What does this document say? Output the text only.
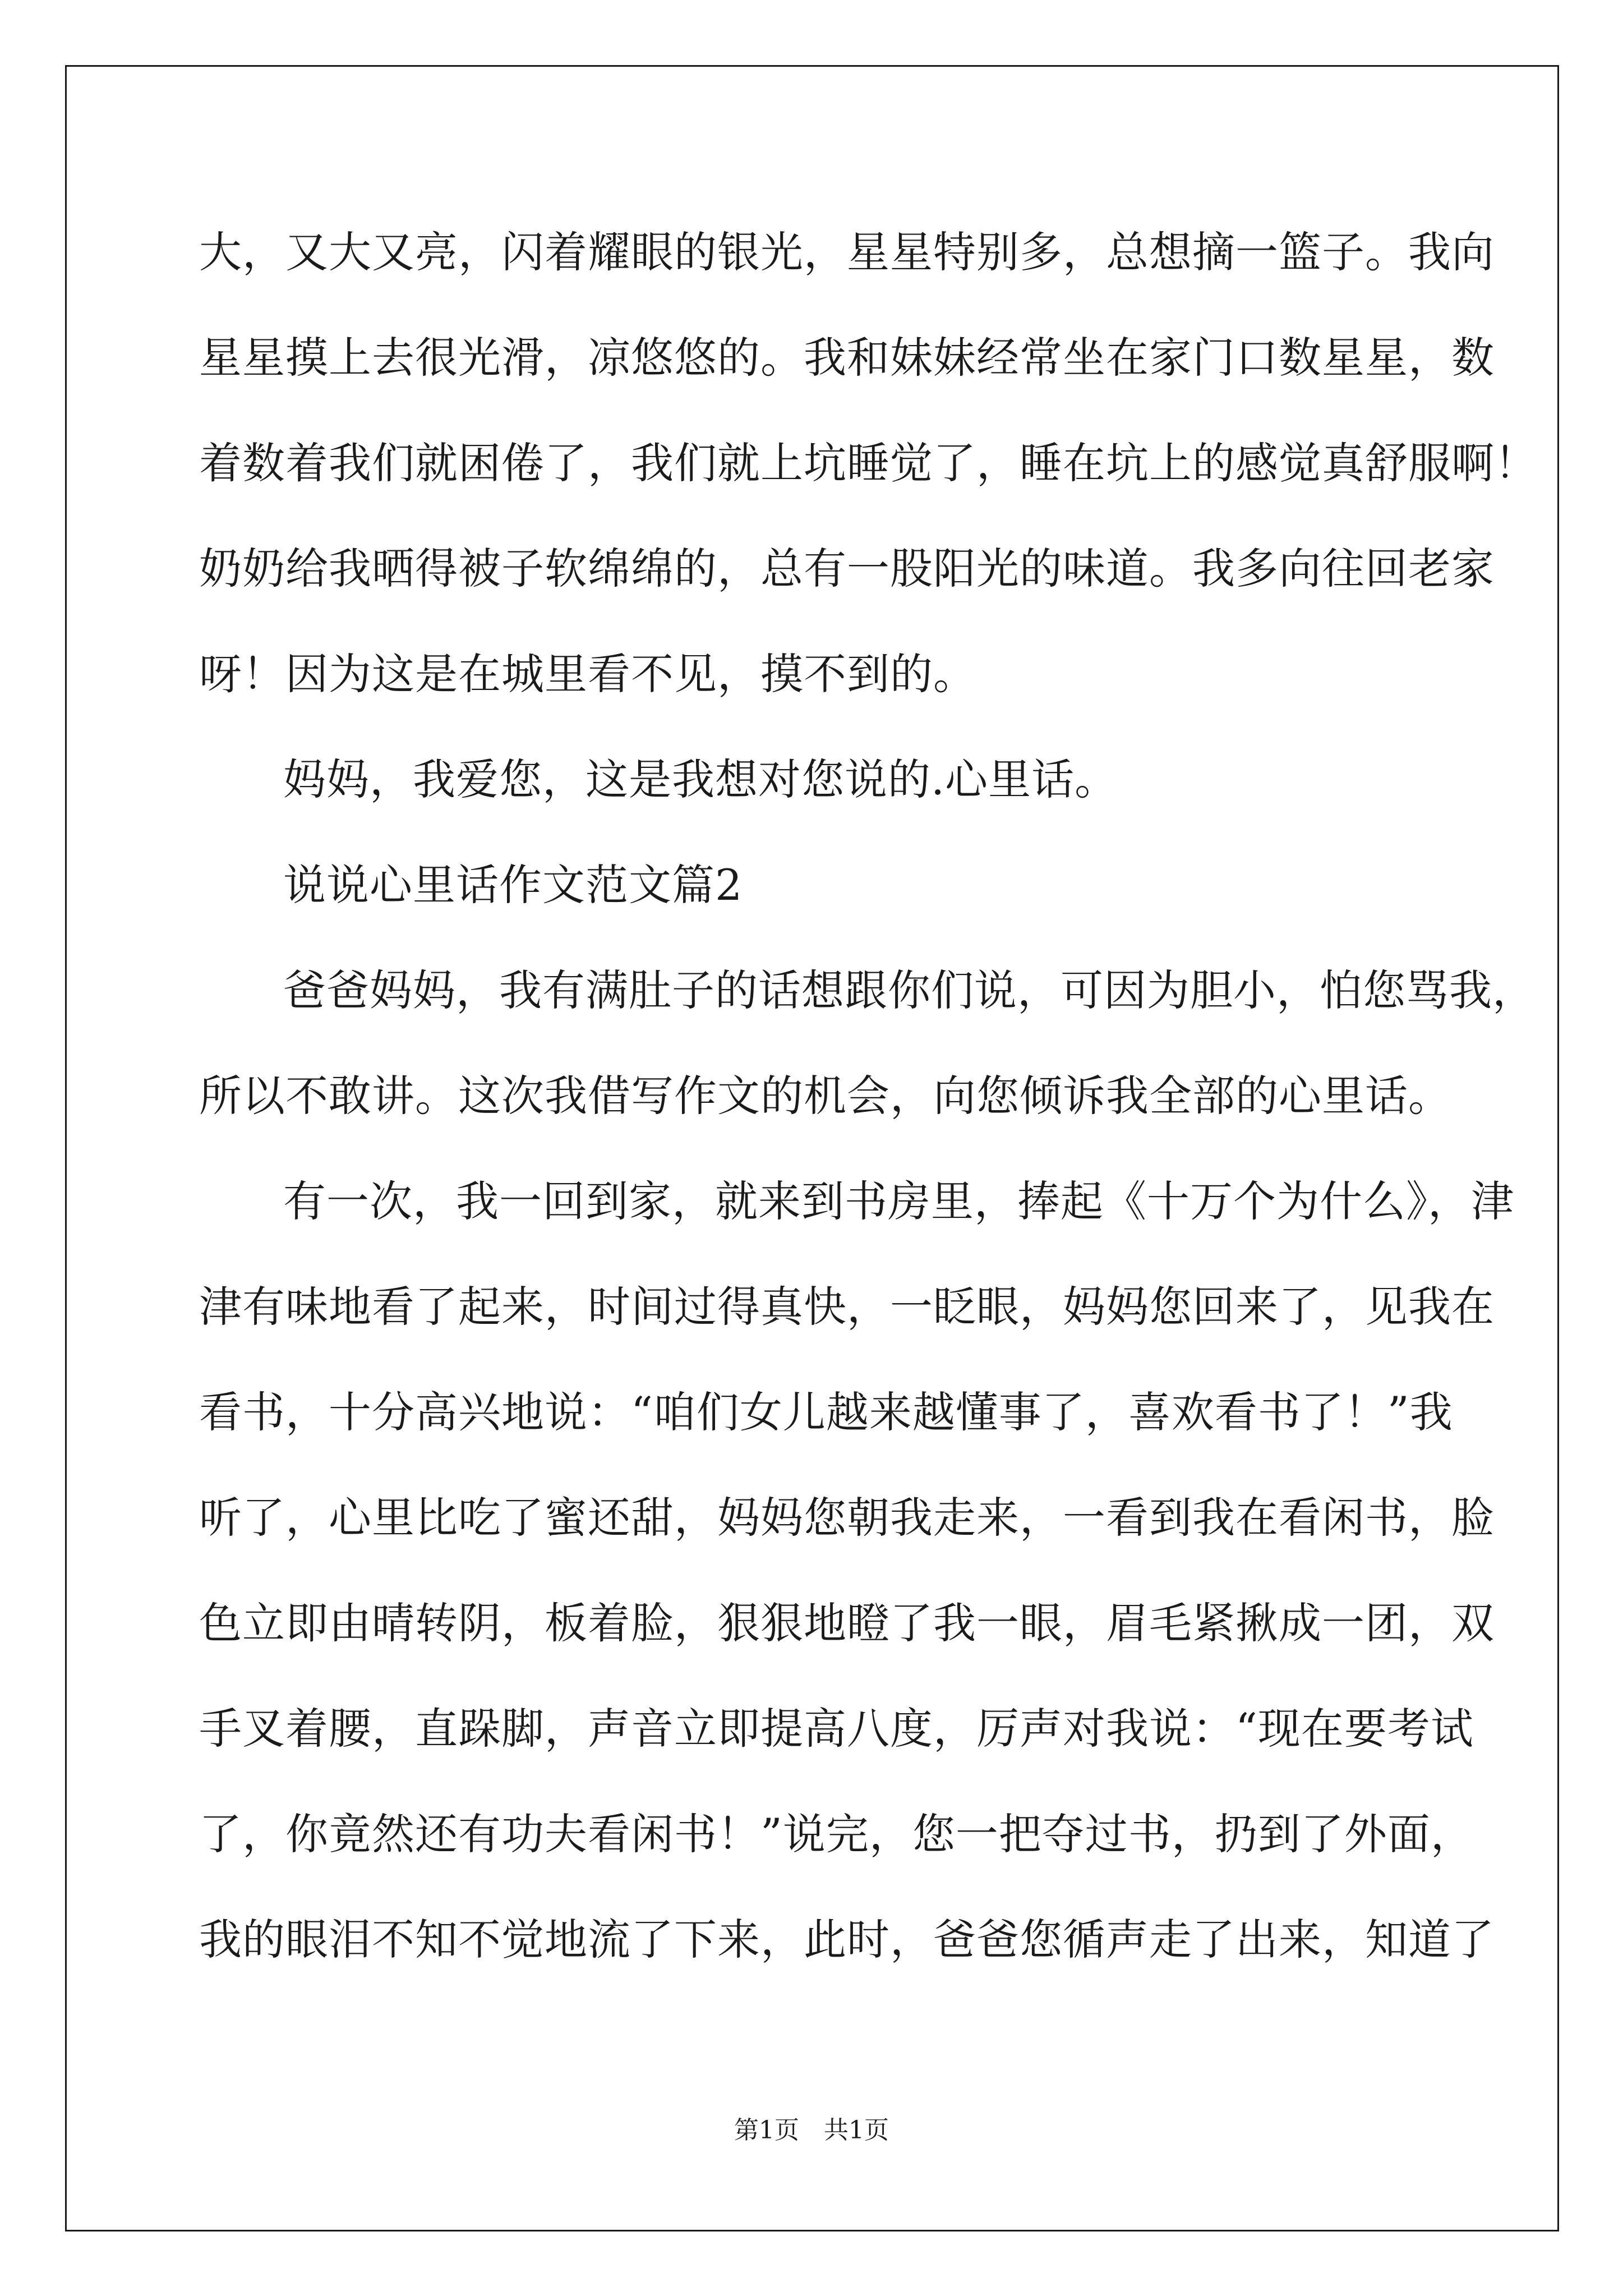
大，又大又亮，闪着耀眼的银光，星星特别多，总想摘一篮子。我向
星星摸上去很光滑，凉悠悠的。我和妹妹经常坐在家门口数星星，数
着数着我们就困倦了，我们就上坑睡觉了，睡在坑上的感觉真舒服啊！
奶奶给我晒得被子软绵绵的，总有一股阳光的味道。我多向往回老家
呀！因为这是在城里看不见，摸不到的。
妈妈，我爱您，这是我想对您说的.心里话。
说说心里话作文范文篇2
爸爸妈妈，我有满肚子的话想跟你们说，可因为胆小，怕您骂我，
所以不敢讲。这次我借写作文的机会，向您倾诉我全部的心里话。
有一次，我一回到家，就来到书房里，捧起《十万个为什么》，津
津有味地看了起来，时间过得真快，一眨眼，妈妈您回来了，见我在
看书，十分高兴地说：“咱们女儿越来越懂事了，喜欢看书了！”我
听了，心里比吃了蜜还甜，妈妈您朝我走来，一看到我在看闲书，脸
色立即由晴转阴，板着脸，狠狠地瞪了我一眼，眉毛紧揪成一团，双
手叉着腰，直跺脚，声音立即提高八度，厉声对我说：“现在要考试
了，你竟然还有功夫看闲书！”说完，您一把夺过书，扔到了外面，
我的眼泪不知不觉地流了下来，此时，爸爸您循声走了出来，知道了
第1页　共1页
